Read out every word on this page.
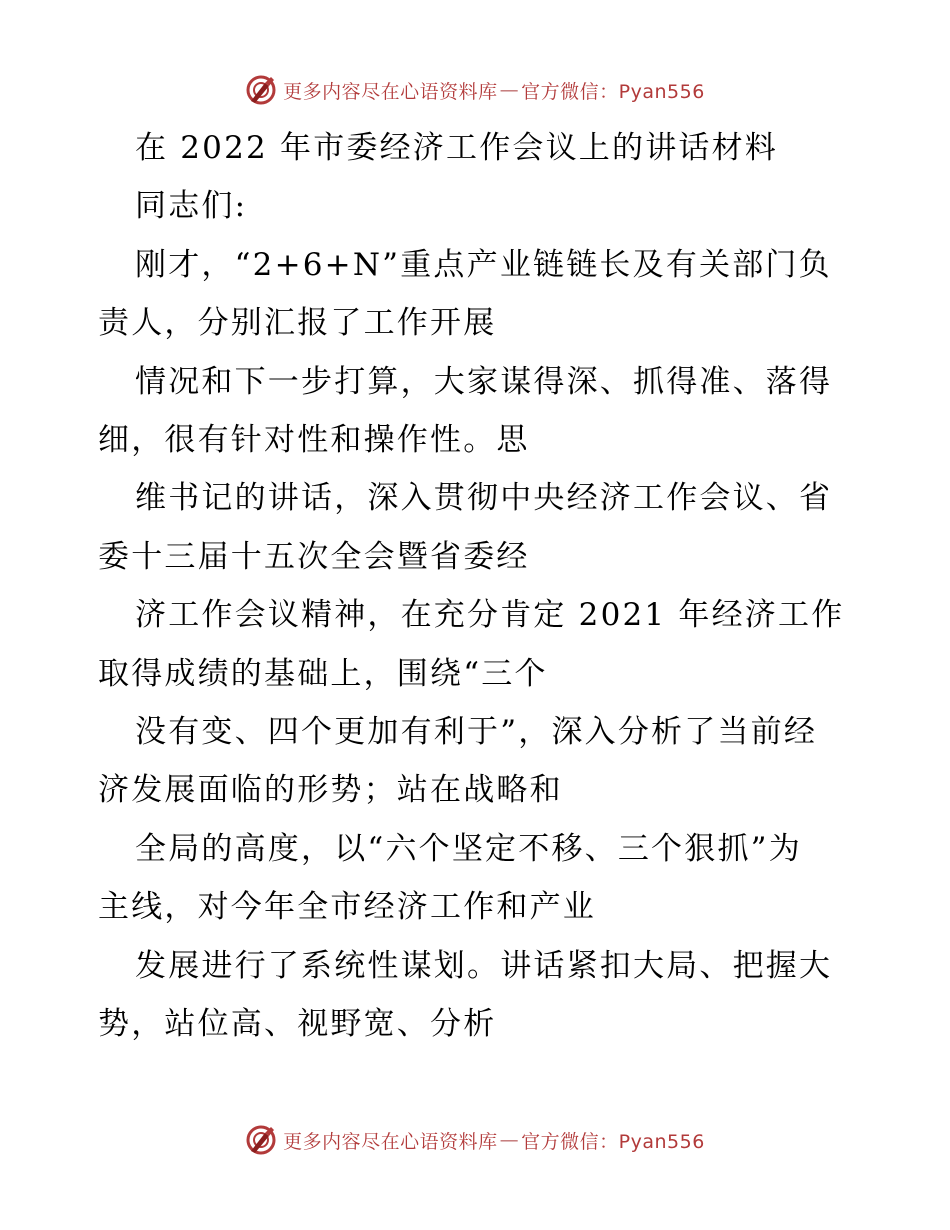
更多内容尽在心语资料库 — 官方微信：Pyan556
在 2022 年市委经济工作会议上的讲话材料
同志们:
刚才，“2+6+N”重点产业链链长及有关部门负
责人，分别汇报了工作开展
情况和下一步打算，大家谋得深、抓得准、落得
细，很有针对性和操作性。思
维书记的讲话，深入贯彻中央经济工作会议、省
委十三届十五次全会暨省委经
济工作会议精神，在充分肯定 2021 年经济工作
取得成绩的基础上，围绕“三个
没有变、四个更加有利于”，深入分析了当前经
济发展面临的形势；站在战略和
全局的高度，以“六个坚定不移、三个狠抓”为
主线，对今年全市经济工作和产业
发展进行了系统性谋划。讲话紧扣大局、把握大
势，站位高、视野宽、分析
更多内容尽在心语资料库 — 官方微信：Pyan556
